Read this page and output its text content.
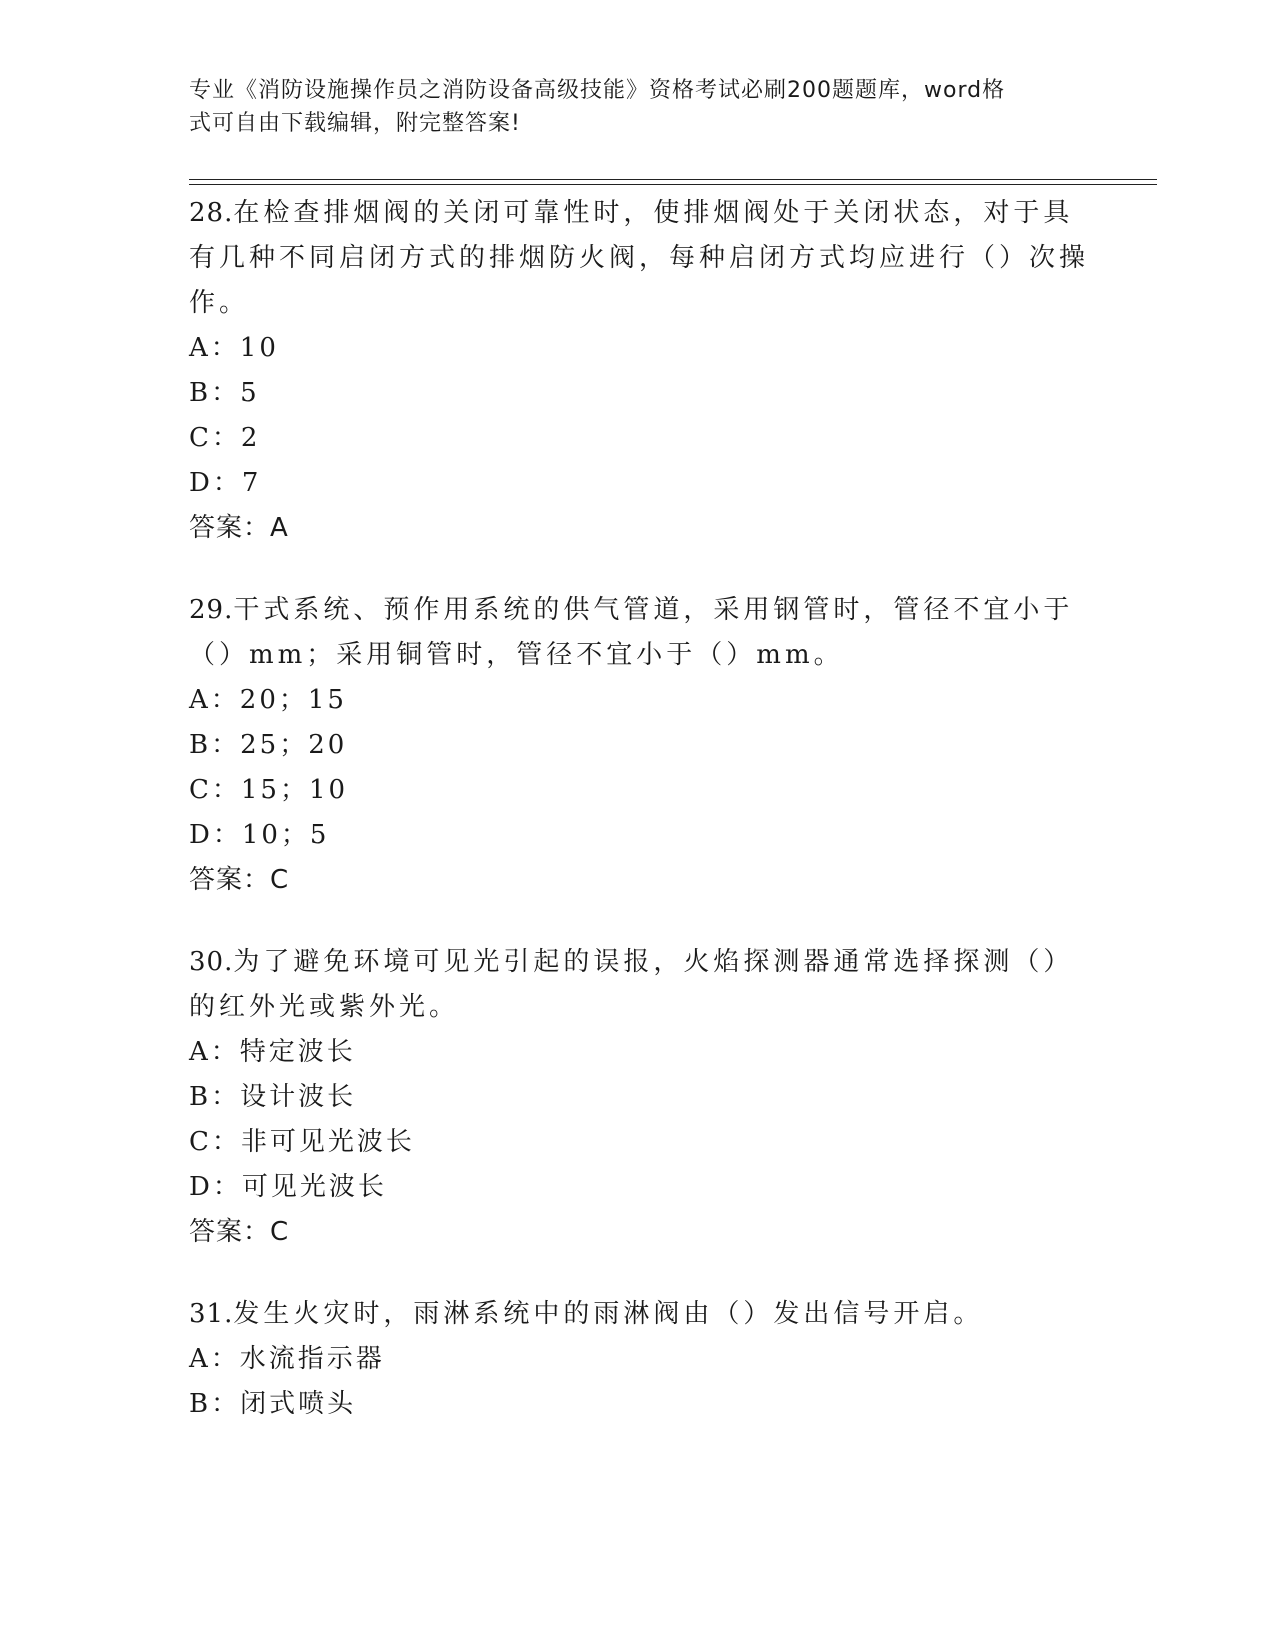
专业《消防设施操作员之消防设备高级技能》资格考试必刷200题题库，word格
式可自由下载编辑，附完整答案!
28.在检查排烟阀的关闭可靠性时，使排烟阀处于关闭状态，对于具有几种不同启闭方式的排烟防火阀，每种启闭方式均应进行（）次操作。
A：10
B：5
C：2
D：7
答案：A
29.干式系统、预作用系统的供气管道，采用钢管时，管径不宜小于（）mm；采用铜管时，管径不宜小于（）mm。
A：20；15
B：25；20
C：15；10
D：10；5
答案：C
30.为了避免环境可见光引起的误报，火焰探测器通常选择探测（）的红外光或紫外光。
A：特定波长
B：设计波长
C：非可见光波长
D：可见光波长
答案：C
31.发生火灾时，雨淋系统中的雨淋阀由（）发出信号开启。
A：水流指示器
B：闭式喷头
